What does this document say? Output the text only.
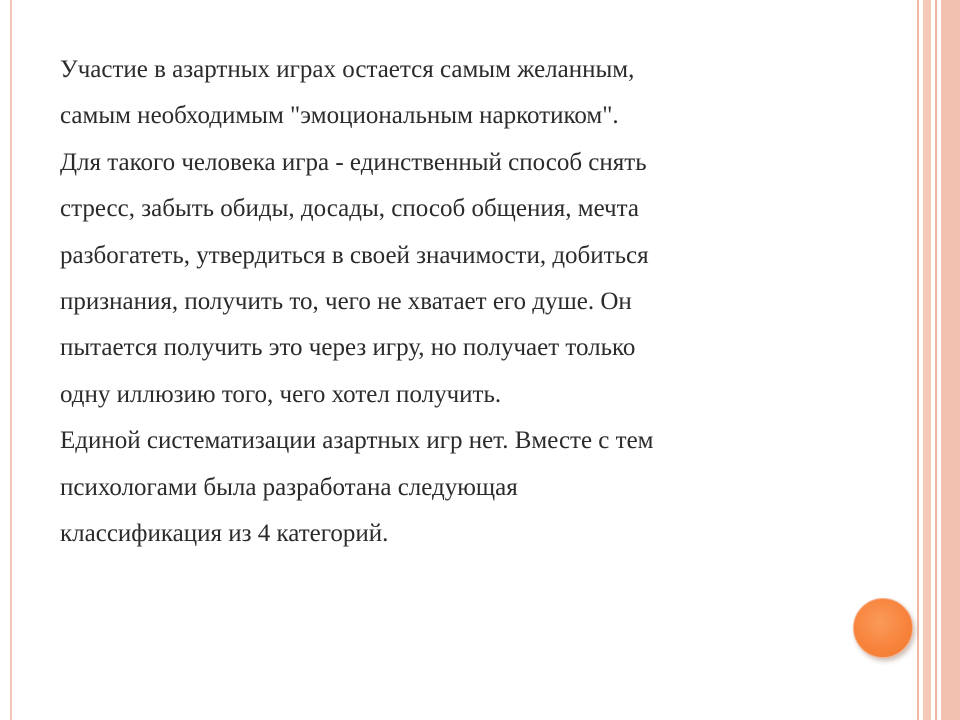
Участие в азартных играх остается самым желанным,
самым необходимым "эмоциональным наркотиком".
Для такого человека игра - единственный способ снять
стресс, забыть обиды, досады, способ общения, мечта
разбогатеть, утвердиться в своей значимости, добиться
признания, получить то, чего не хватает его душе. Он
пытается получить это через игру, но получает только
одну иллюзию того, чего хотел получить.
Единой систематизации азартных игр нет. Вместе с тем
психологами была разработана следующая
классификация из 4 категорий.
